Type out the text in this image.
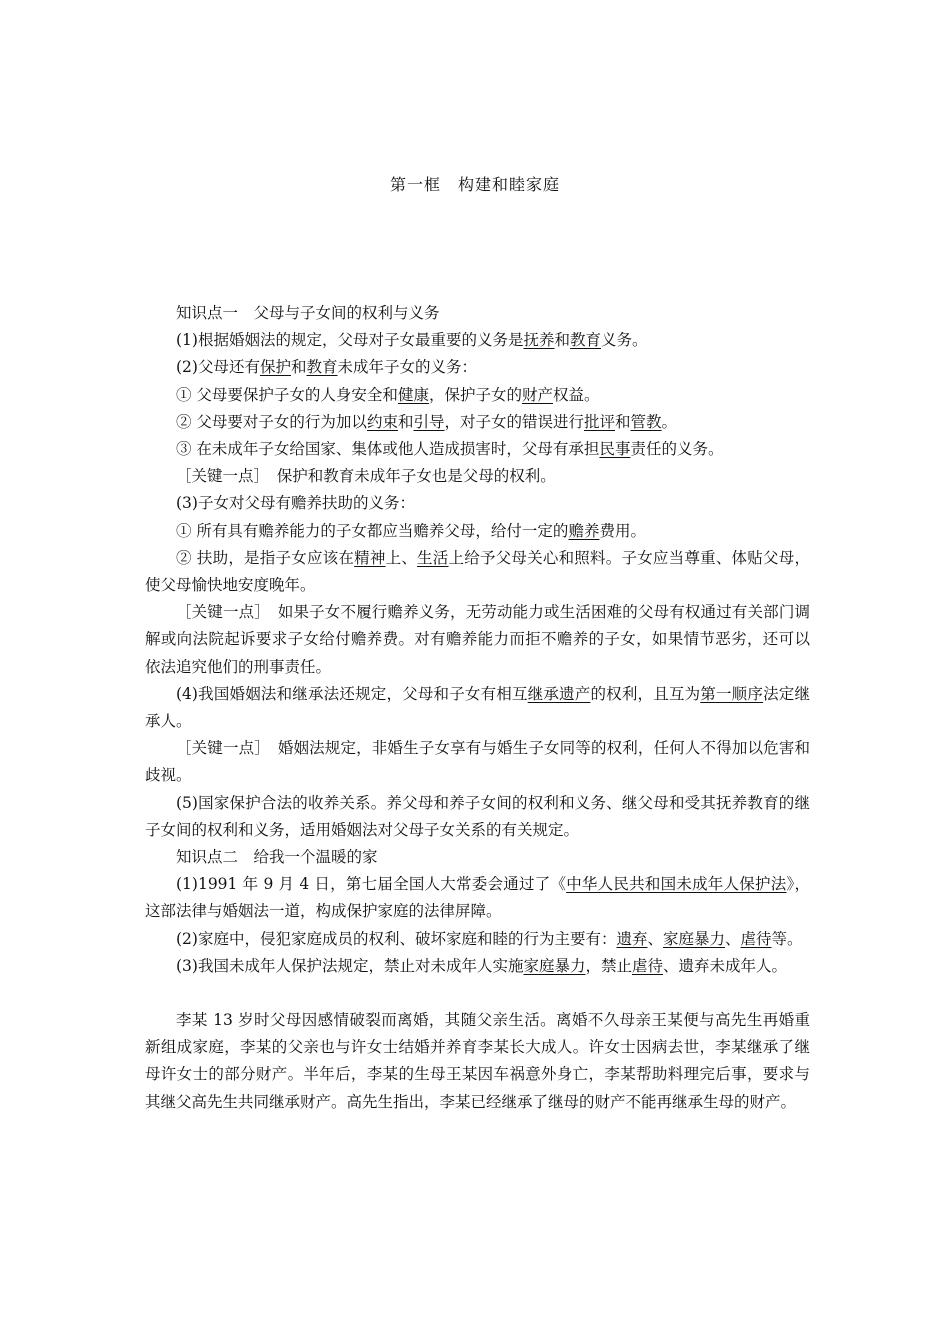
第一框　构建和睦家庭

知识点一　父母与子女间的权利与义务

(1)根据婚姻法的规定，父母对子女最重要的义务是抚养和教育义务。

(2)父母还有保护和教育未成年子女的义务：

① 父母要保护子女的人身安全和健康，保护子女的财产权益。

② 父母要对子女的行为加以约束和引导，对子女的错误进行批评和管教。

③ 在未成年子女给国家、集体或他人造成损害时，父母有承担民事责任的义务。

［关键一点］　保护和教育未成年子女也是父母的权利。

(3)子女对父母有赡养扶助的义务：

① 所有具有赡养能力的子女都应当赡养父母，给付一定的赡养费用。

② 扶助，是指子女应该在精神上、生活上给予父母关心和照料。子女应当尊重、体贴父母，使父母愉快地安度晚年。

［关键一点］　如果子女不履行赡养义务，无劳动能力或生活困难的父母有权通过有关部门调解或向法院起诉要求子女给付赡养费。对有赡养能力而拒不赡养的子女，如果情节恶劣，还可以依法追究他们的刑事责任。

(4)我国婚姻法和继承法还规定，父母和子女有相互继承遗产的权利，且互为第一顺序法定继承人。

［关键一点］　婚姻法规定，非婚生子女享有与婚生子女同等的权利，任何人不得加以危害和歧视。

(5)国家保护合法的收养关系。养父母和养子女间的权利和义务、继父母和受其抚养教育的继子女间的权利和义务，适用婚姻法对父母子女关系的有关规定。

知识点二　给我一个温暖的家

(1)1991 年 9 月 4 日，第七届全国人大常委会通过了《中华人民共和国未成年人保护法》，这部法律与婚姻法一道，构成保护家庭的法律屏障。

(2)家庭中，侵犯家庭成员的权利、破坏家庭和睦的行为主要有：遗弃、家庭暴力、虐待等。

(3)我国未成年人保护法规定，禁止对未成年人实施家庭暴力，禁止虐待、遗弃未成年人。

李某 13 岁时父母因感情破裂而离婚，其随父亲生活。离婚不久母亲王某便与高先生再婚重新组成家庭，李某的父亲也与许女士结婚并养育李某长大成人。许女士因病去世，李某继承了继母许女士的部分财产。半年后，李某的生母王某因车祸意外身亡，李某帮助料理完后事，要求与其继父高先生共同继承财产。高先生指出，李某已经继承了继母的财产不能再继承生母的财产。
